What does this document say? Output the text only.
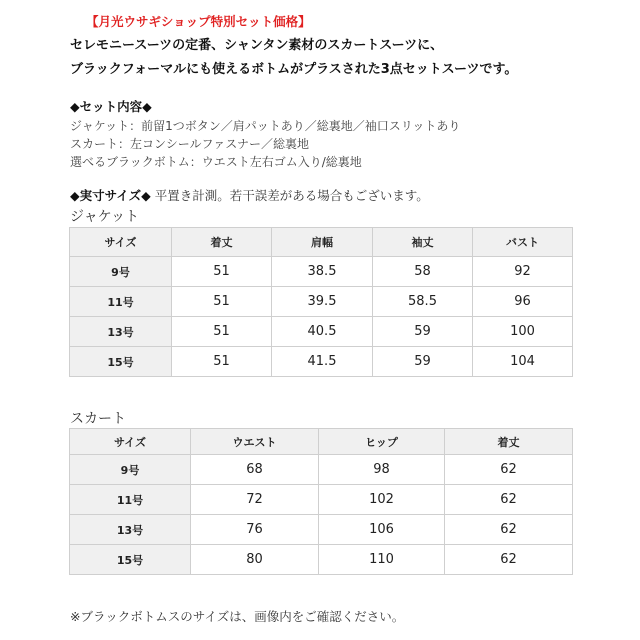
【月光ウサギショップ特別セット価格】
セレモニースーツの定番、シャンタン素材のスカートスーツに、
ブラックフォーマルにも使えるボトムがプラスされた3点セットスーツです。
◆セット内容◆
ジャケット：前留1つボタン／肩パットあり／総裏地／袖口スリットあり
スカート：左コンシールファスナー／総裏地
選べるブラックボトム：ウエスト左右ゴム入り/総裏地
◆実寸サイズ◆ 平置き計測。若干誤差がある場合もございます。
ジャケット
サイズ	着丈	肩幅	袖丈	バスト
9号	51	38.5	58	92
11号	51	39.5	58.5	96
13号	51	40.5	59	100
15号	51	41.5	59	104
スカート
サイズ	ウエスト	ヒップ	着丈
9号	68	98	62
11号	72	102	62
13号	76	106	62
15号	80	110	62
※ブラックボトムスのサイズは、画像内をご確認ください。
